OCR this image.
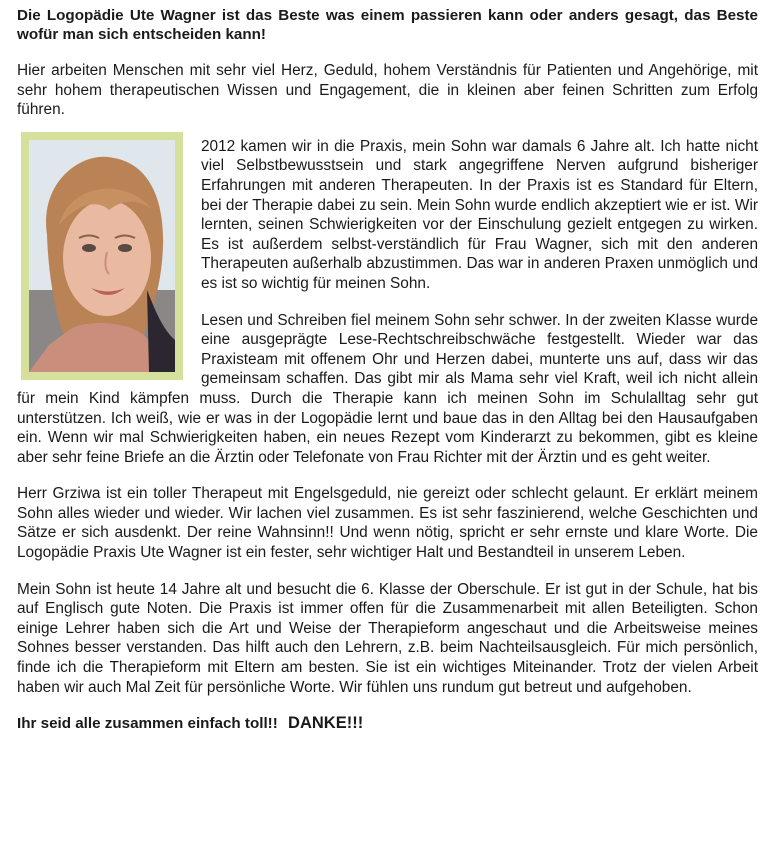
Die Logopädie Ute Wagner ist das Beste was einem passieren kann oder anders gesagt, das Beste wofür man sich entscheiden kann!

Hier arbeiten Menschen mit sehr viel Herz, Geduld, hohem Verständnis für Patienten und Angehörige, mit sehr hohem therapeutischen Wissen und Engagement, die in kleinen aber feinen Schritten zum Erfolg führen.

2012 kamen wir in die Praxis, mein Sohn war damals 6 Jahre alt. Ich hatte nicht viel Selbstbewusstsein und stark angegriffene Nerven aufgrund bisheriger Erfahrungen mit anderen Therapeuten. In der Praxis ist es Standard für Eltern, bei der Therapie dabei zu sein. Mein Sohn wurde endlich akzeptiert wie er ist. Wir lernten, seinen Schwierigkeiten vor der Einschulung gezielt entgegen zu wirken. Es ist außerdem selbst-verständlich für Frau Wagner, sich mit den anderen Therapeuten außerhalb abzustimmen. Das war in anderen Praxen unmöglich und es ist so wichtig für meinen Sohn.

Lesen und Schreiben fiel meinem Sohn sehr schwer. In der zweiten Klasse wurde eine ausgeprägte Lese-Rechtschreibschwäche festgestellt. Wieder war das Praxisteam mit offenem Ohr und Herzen dabei, munterte uns auf, dass wir das gemeinsam schaffen. Das gibt mir als Mama sehr viel Kraft, weil ich nicht allein für mein Kind kämpfen muss. Durch die Therapie kann ich meinen Sohn im Schulalltag sehr gut unterstützen. Ich weiß, wie er was in der Logopädie lernt und baue das in den Alltag bei den Hausaufgaben ein. Wenn wir mal Schwierigkeiten haben, ein neues Rezept vom Kinderarzt zu bekommen, gibt es kleine aber sehr feine Briefe an die Ärztin oder Telefonate von Frau Richter mit der Ärztin und es geht weiter.

Herr Grziwa ist ein toller Therapeut mit Engelsgeduld, nie gereizt oder schlecht gelaunt. Er erklärt meinem Sohn alles wieder und wieder. Wir lachen viel zusammen. Es ist sehr faszinierend, welche Geschichten und Sätze er sich ausdenkt. Der reine Wahnsinn!! Und wenn nötig, spricht er sehr ernste und klare Worte. Die Logopädie Praxis Ute Wagner ist ein fester, sehr wichtiger Halt und Bestandteil in unserem Leben.

Mein Sohn ist heute 14 Jahre alt und besucht die 6. Klasse der Oberschule. Er ist gut in der Schule, hat bis auf Englisch gute Noten. Die Praxis ist immer offen für die Zusammenarbeit mit allen Beteiligten. Schon einige Lehrer haben sich die Art und Weise der Therapieform angeschaut und die Arbeitsweise meines Sohnes besser verstanden. Das hilft auch den Lehrern, z.B. beim Nachteilsausgleich. Für mich persönlich, finde ich die Therapieform mit Eltern am besten. Sie ist ein wichtiges Miteinander. Trotz der vielen Arbeit haben wir auch Mal Zeit für persönliche Worte. Wir fühlen uns rundum gut betreut und aufgehoben.

Ihr seid alle zusammen einfach toll!! DANKE!!!
